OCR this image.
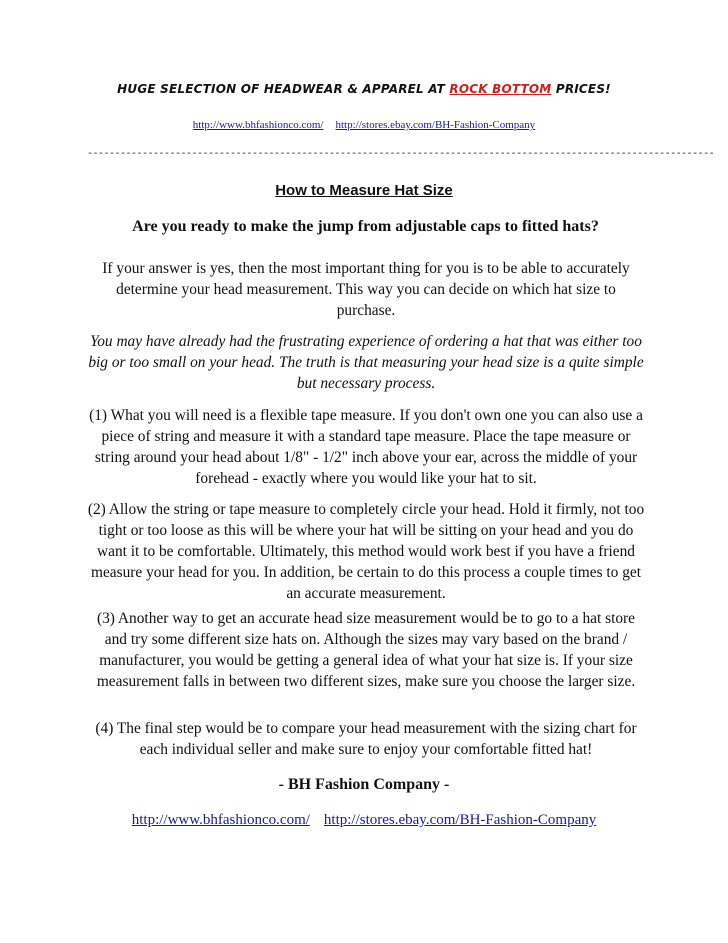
HUGE SELECTION OF HEADWEAR & APPAREL AT ROCK BOTTOM PRICES!
http://www.bhfashionco.com/ http://stores.ebay.com/BH-Fashion-Company
------------------------------------------------------------------------------------------------------------------
How to Measure Hat Size
Are you ready to make the jump from adjustable caps to fitted hats?

If your answer is yes, then the most important thing for you is to be able to accurately determine your head measurement. This way you can decide on which hat size to purchase.

You may have already had the frustrating experience of ordering a hat that was either too big or too small on your head. The truth is that measuring your head size is a quite simple but necessary process.

(1) What you will need is a flexible tape measure. If you don't own one you can also use a piece of string and measure it with a standard tape measure. Place the tape measure or string around your head about 1/8" - 1/2" inch above your ear, across the middle of your forehead - exactly where you would like your hat to sit.

(2) Allow the string or tape measure to completely circle your head. Hold it firmly, not too tight or too loose as this will be where your hat will be sitting on your head and you do want it to be comfortable. Ultimately, this method would work best if you have a friend measure your head for you. In addition, be certain to do this process a couple times to get an accurate measurement.

(3) Another way to get an accurate head size measurement would be to go to a hat store and try some different size hats on. Although the sizes may vary based on the brand / manufacturer, you would be getting a general idea of what your hat size is. If your size measurement falls in between two different sizes, make sure you choose the larger size.

(4) The final step would be to compare your head measurement with the sizing chart for each individual seller and make sure to enjoy your comfortable fitted hat!

- BH Fashion Company -
http://www.bhfashionco.com/ http://stores.ebay.com/BH-Fashion-Company
